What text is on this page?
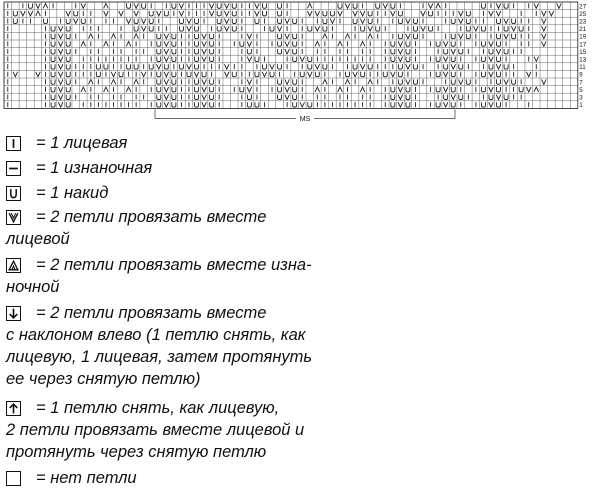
27
25
23
21
19
17
15
13
11
9
7
5
3
1
MS
= 1 лицевая
= 1 изнаночная
= 1 накид
= 2 петли провязать вместе
лицевой
= 2 петли провязать вместе изна-
ночной
= 2 петли провязать вместе
с наклоном влево (1 петлю снять, как
лицевую, 1 лицевая, затем протянуть
ее через снятую петлю)
= 1 петлю снять, как лицевую,
2 петли провязать вместе лицевой и
протянуть через снятую петлю
= нет петли
